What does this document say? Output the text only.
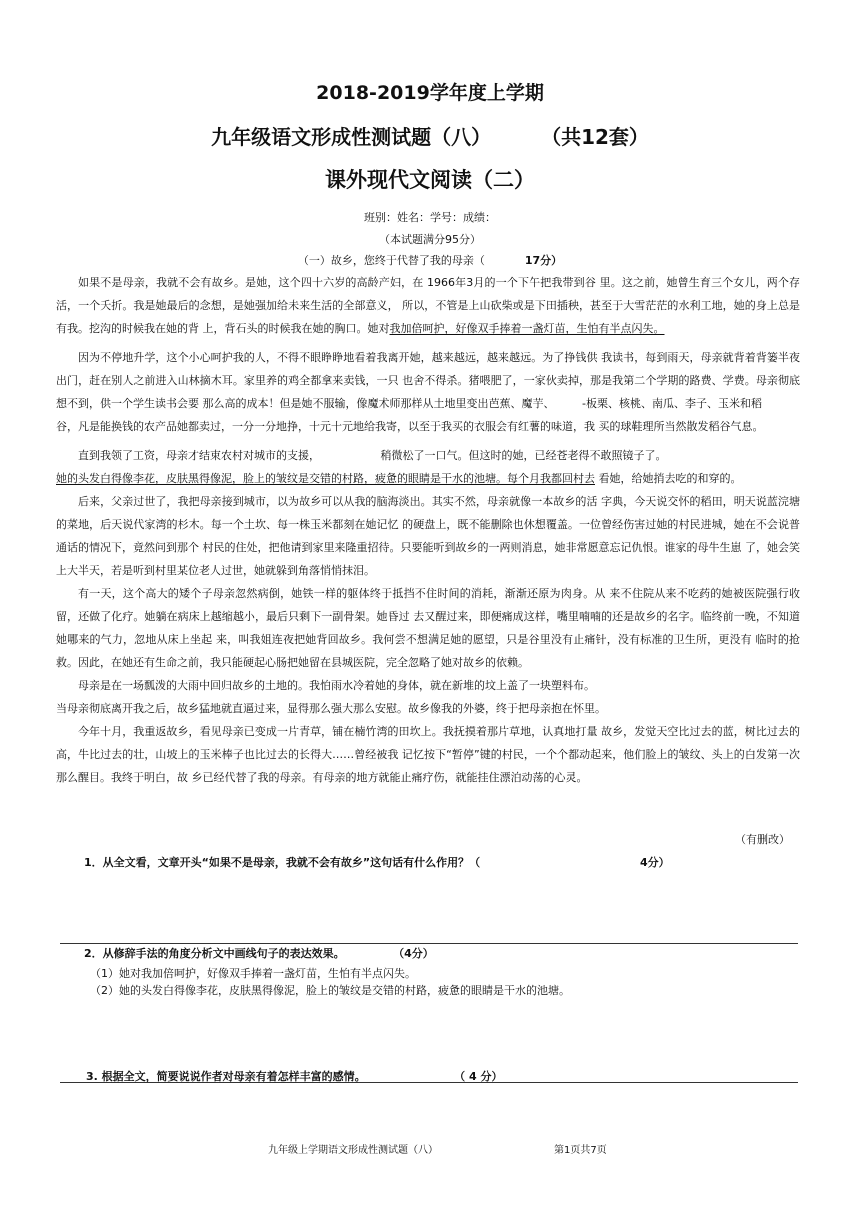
2018-2019学年度上学期
九年级语文形成性测试题（八）	（共12套）
课外现代文阅读（二）
班别：姓名：学号：成绩：
（本试题满分95分）
（一）故乡，您终于代替了我的母亲（	17分）

如果不是母亲，我就不会有故乡。是她，这个四十六岁的高龄产妇，在 1966年3月的一个下午把我带到谷 里。这之前，她曾生育三个女儿，两个存活，一个夭折。我是她最后的念想，是她强加给未来生活的全部意义， 所以，不管是上山砍柴或是下田插秧，甚至于大雪茫茫的水利工地，她的身上总是有我。挖沟的时候我在她的背 上，背石头的时候我在她的胸口。她对我加倍呵护，好像双手捧着一盏灯苗，生怕有半点闪失。

因为不停地升学，这个小心呵护我的人，不得不眼睁睁地看着我离开她，越来越远，越来越远。为了挣钱供 我读书，每到雨天，母亲就背着背篓半夜出门，赶在别人之前进入山林摘木耳。家里养的鸡全都拿来卖钱，一只 也舍不得杀。猪喂肥了，一家伙卖掉，那是我第二个学期的路费、学费。母亲彻底想不到，供一个学生读书会要 那么高的成本！但是她不服输，像魔术师那样从土地里变出芭蕉、魔芋、　　　-板栗、核桃、南瓜、李子、玉米和稻

谷，凡是能换钱的农产品她都卖过，一分一分地挣，十元十元地给我寄，以至于我买的衣服会有红薯的味道，我 买的球鞋理所当然散发稻谷气息。

直到我领了工资，母亲才结束农村对城市的支援，　　　　　　稍微松了一口气。但这时的她，已经苍老得不敢照镜子了。

她的头发白得像李花，皮肤黑得像泥，脸上的皱纹是交错的村路，疲惫的眼睛是干水的池塘。每个月我都回村去 看她，给她捎去吃的和穿的。

后来，父亲过世了，我把母亲接到城市，以为故乡可以从我的脑海淡出。其实不然，母亲就像一本故乡的活 字典，今天说交怀的稻田，明天说蓝浣塘的菜地，后天说代家湾的杉木。每一个土坎、每一株玉米都刻在她记忆 的硬盘上，既不能删除也休想覆盖。一位曾经伤害过她的村民进城，她在不会说普通话的情况下，竟然问到那个 村民的住处，把他请到家里来隆重招待。只要能听到故乡的一两则消息，她非常愿意忘记仇恨。谁家的母牛生崽 了，她会笑上大半天，若是听到村里某位老人过世，她就躲到角落悄悄抹泪。

有一天，这个高大的矮个子母亲忽然病倒，她铁一样的躯体终于抵挡不住时间的消耗，渐渐还原为肉身。从 来不住院从来不吃药的她被医院强行收留，还做了化疗。她躺在病床上越缩越小，最后只剩下一副骨架。她昏过 去又醒过来，即便痛成这样，嘴里喃喃的还是故乡的名字。临终前一晚，不知道她哪来的气力，忽地从床上坐起 来，叫我姐连夜把她背回故乡。我何尝不想满足她的愿望，只是谷里没有止痛针，没有标准的卫生所，更没有 临时的抢救。因此，在她还有生命之前，我只能硬起心肠把她留在县城医院，完全忽略了她对故乡的依赖。

母亲是在一场瓢泼的大雨中回归故乡的土地的。我怕雨水冷着她的身体，就在新堆的坟上盖了一块塑料布。

当母亲彻底离开我之后，故乡猛地就直逼过来，显得那么强大那么安慰。故乡像我的外婆，终于把母亲抱在怀里。

今年十月，我重返故乡，看见母亲已变成一片青草，铺在楠竹湾的田坎上。我抚摸着那片草地，认真地打量 故乡，发觉天空比过去的蓝，树比过去的高，牛比过去的壮，山坡上的玉米棒子也比过去的长得大……曾经被我 记忆按下“暂停”键的村民，一个个都动起来，他们脸上的皱纹、头上的白发第一次那么醒目。我终于明白，故 乡已经代替了我的母亲。有母亲的地方就能止痛疗伤，就能挂住漂泊动荡的心灵。

（有删改）
1．从全文看，文章开头“如果不是母亲，我就不会有故乡”这句话有什么作用？（	4分）
2．从修辞手法的角度分析文中画线句子的表达效果。	（4分）
（1）她对我加倍呵护，好像双手捧着一盏灯苗，生怕有半点闪失。
（2）她的头发白得像李花，皮肤黑得像泥，脸上的皱纹是交错的村路，疲惫的眼睛是干水的池塘。
3. 根据全文，简要说说作者对母亲有着怎样丰富的感情。	（ 4 分）
九年级上学期语文形成性测试题（八）	第1页共7页
